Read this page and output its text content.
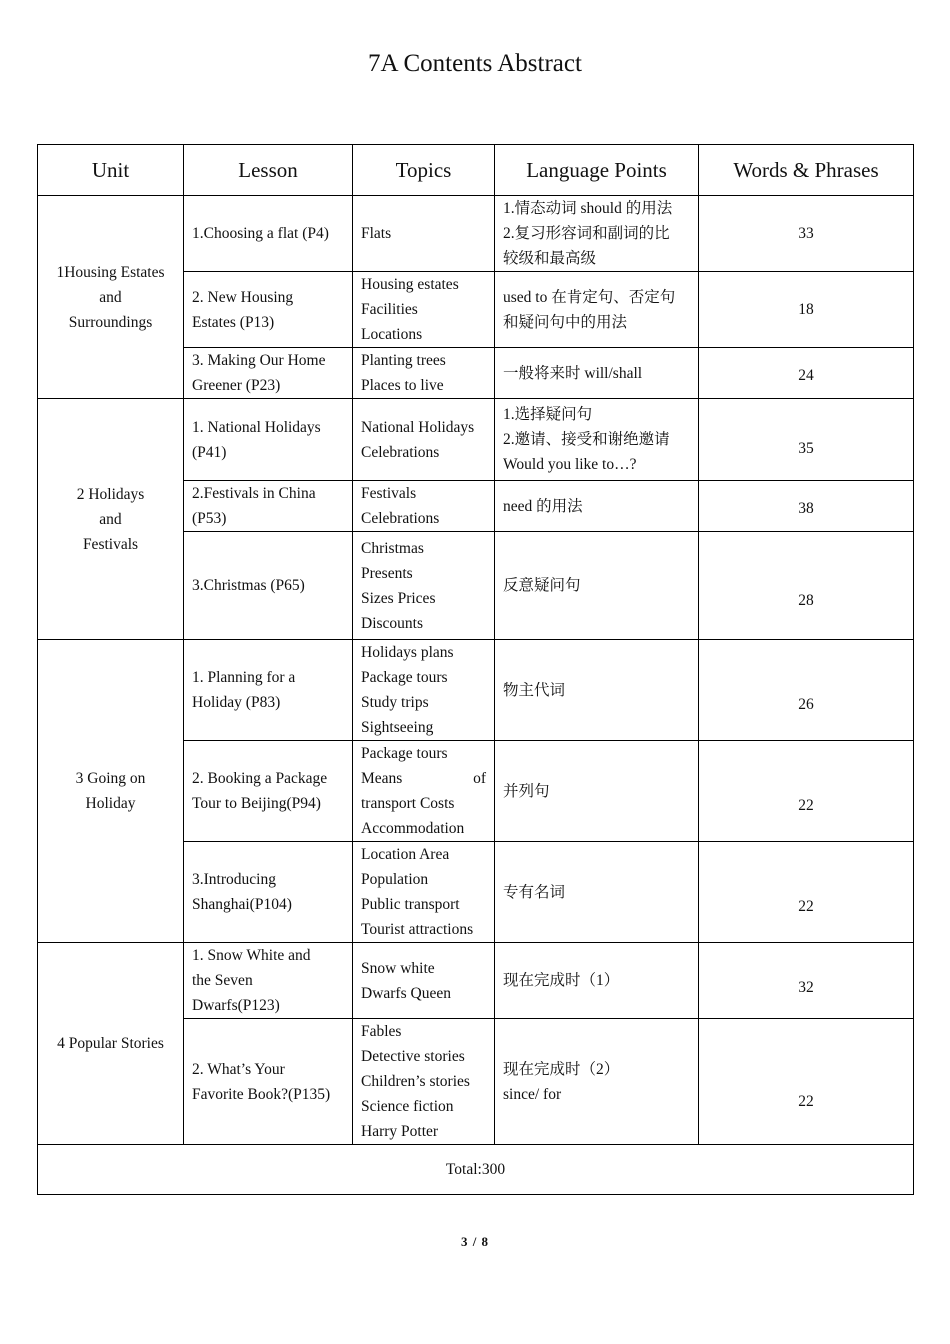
7A Contents Abstract
Unit	Lesson	Topics	Language Points	Words & Phrases

1Housing Estates
and
Surroundings	1.Choosing a flat (P4)	Flats	1.情态动词 should 的用法
2.复习形容词和副词的比
较级和最高级	33

	2. New Housing
Estates (P13)	Housing estates
Facilities
Locations	used to 在肯定句、否定句
和疑问句中的用法	18

	3. Making Our Home
Greener (P23)	Planting trees
Places to live	一般将来时 will/shall	24

2 Holidays
and
Festivals	1. National Holidays
(P41)	National Holidays
Celebrations	1.选择疑问句
2.邀请、接受和谢绝邀请
Would you like to…?	35

	2.Festivals in China
(P53)	Festivals
Celebrations	need 的用法	38

	3.Christmas (P65)	Christmas
Presents
Sizes Prices
Discounts	反意疑问句	28

3 Going on
Holiday	1. Planning for a
Holiday (P83)	Holidays plans
Package tours
Study trips
Sightseeing	物主代词	26

	2. Booking a Package
Tour to Beijing(P94)	Package tours
Means of
transport Costs
Accommodation	并列句	22

	3.Introducing
Shanghai(P104)	Location Area
Population
Public transport
Tourist attractions	专有名词	22

4 Popular Stories	1. Snow White and
the Seven
Dwarfs(P123)	Snow white
Dwarfs Queen	现在完成时（1）	32

	2. What’s Your
Favorite Book?(P135)	Fables
Detective stories
Children’s stories
Science fiction
Harry Potter	现在完成时（2）
since/ for	22
Total:300				
3 / 8
